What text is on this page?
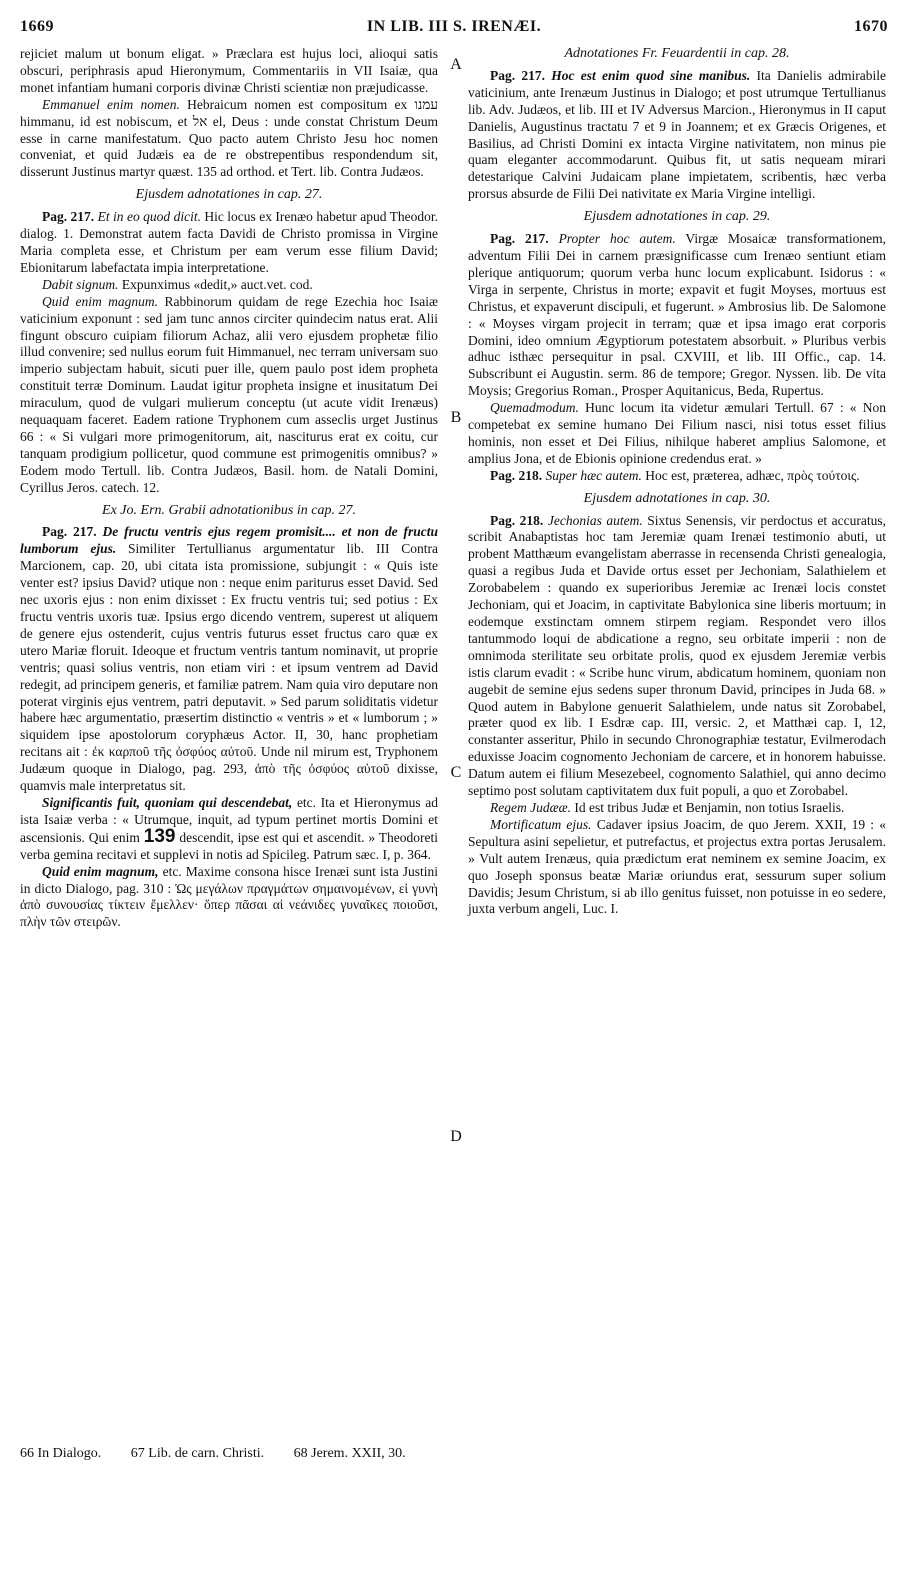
1669	IN LIB. III S. IRENÆI.	1670

rejiciet malum ut bonum eligat. » Præclara est hujus loci, alioqui satis obscuri, periphrasis apud Hieronymum, Commentariis in VII Isaiæ, qua monet infantiam humani corporis divinæ Christi scientiæ non præjudicasse.

Emmanuel enim nomen. Hebraicum nomen est compositum ex עמנו himmanu, id est nobiscum, et אל el, Deus : unde constat Christum Deum esse in carne manifestatum. Quo pacto autem Christo Jesu hoc nomen conveniat, et quid Judæis ea de re obstrepentibus respondendum sit, disserunt Justinus martyr quæst. 135 ad orthod. et Tert. lib. Contra Judæos.

Ejusdem adnotationes in cap. 27.

Pag. 217. Et in eo quod dicit. Hic locus ex Irenæo habetur apud Theodor. dialog. 1. Demonstrat autem facta Davidi de Christo promissa in Virgine Maria completa esse, et Christum per eam verum esse filium David; Ebionitarum labefactata impia interpretatione.

Dabit signum. Expunximus «dedit,» auct.vet. cod.

Quid enim magnum. Rabbinorum quidam de rege Ezechia hoc Isaiæ vaticinium exponunt : sed jam tunc annos circiter quindecim natus erat. Alii fingunt obscuro cuipiam filiorum Achaz, alii vero ejusdem prophetæ filio illud convenire; sed nullus eorum fuit Himmanuel, nec terram universam suo imperio subjectam habuit, sicuti puer ille, quem paulo post idem propheta constituit terræ Dominum. Laudat igitur propheta insigne et inusitatum Dei miraculum, quod de vulgari mulierum conceptu (ut acute vidit Irenæus) nequaquam faceret. Eadem ratione Tryphonem cum asseclis urget Justinus 66 : « Si vulgari more primogenitorum, ait, nasciturus erat ex coitu, cur tanquam prodigium pollicetur, quod commune est primogenitis omnibus? » Eodem modo Tertull. lib. Contra Judæos, Basil. hom. de Natali Domini, Cyrillus Jeros. catech. 12.

Ex Jo. Ern. Grabii adnotationibus in cap. 27.

Pag. 217. De fructu ventris ejus regem promisit.... et non de fructu lumborum ejus. Similiter Tertullianus argumentatur lib. III Contra Marcionem, cap. 20, ubi citata ista promissione, subjungit : « Quis iste venter est? ipsius David? utique non : neque enim pariturus esset David. Sed nec uxoris ejus : non enim dixisset : Ex fructu ventris tui; sed potius : Ex fructu ventris uxoris tuæ. Ipsius ergo dicendo ventrem, superest ut aliquem de genere ejus ostenderit, cujus ventris futurus esset fructus caro quæ ex utero Mariæ floruit. Ideoque et fructum ventris tantum nominavit, ut proprie ventris; quasi solius ventris, non etiam viri : et ipsum ventrem ad David redegit, ad principem generis, et familiæ patrem. Nam quia viro deputare non poterat virginis ejus ventrem, patri deputavit. » Sed parum soliditatis videtur habere hæc argumentatio, præsertim distinctio « ventris » et « lumborum ; » siquidem ipse apostolorum coryphæus Actor. II, 30, hanc prophetiam recitans ait : ἐκ καρποῦ τῆς ὀσφύος αὐτοῦ. Unde nil mirum est, Tryphonem Judæum quoque in Dialogo, pag. 293, ἀπὸ τῆς ὀσφύος αὐτοῦ dixisse, quamvis male interpretatus sit.

Significantis fuit, quoniam qui descendebat, etc. Ita et Hieronymus ad ista Isaiæ verba : « Utrumque, inquit, ad typum pertinet mortis Domini et ascensionis. Qui enim 139 descendit, ipse est qui et ascendit. » Theodoreti verba gemina recitavi et supplevi in notis ad Spicileg. Patrum sæc. I, p. 364.

Quid enim magnum, etc. Maxime consona hisce Irenæi sunt ista Justini in dicto Dialogo, pag. 310 : Ὡς μεγάλων πραγμάτων σημαινομένων, εἰ γυνὴ ἀπὸ συνουσίας τίκτειν ἔμελλεν· ὅπερ πᾶσαι αἱ νεάνιδες γυναῖκες ποιοῦσι, πλὴν τῶν στειρῶν.

A
B
C
D

Adnotationes Fr. Feuardentii in cap. 28.

Pag. 217. Hoc est enim quod sine manibus. Ita Danielis admirabile vaticinium, ante Irenæum Justinus in Dialogo; et post utrumque Tertullianus lib. Adv. Judæos, et lib. III et IV Adversus Marcion., Hieronymus in II caput Danielis, Augustinus tractatu 7 et 9 in Joannem; et ex Græcis Origenes, et Basilius, ad Christi Domini ex intacta Virgine nativitatem, non minus pie quam eleganter accommodarunt. Quibus fit, ut satis nequeam mirari detestarique Calvini Judaicam plane impietatem, scribentis, hæc verba prorsus absurde de Filii Dei nativitate ex Maria Virgine intelligi.

Ejusdem adnotationes in cap. 29.

Pag. 217. Propter hoc autem. Virgæ Mosaicæ transformationem, adventum Filii Dei in carnem præsignificasse cum Irenæo sentiunt etiam plerique antiquorum; quorum verba hunc locum explicabunt. Isidorus : « Virga in serpente, Christus in morte; expavit et fugit Moyses, mortuus est Christus, et expaverunt discipuli, et fugerunt. » Ambrosius lib. De Salomone : « Moyses virgam projecit in terram; quæ et ipsa imago erat corporis Domini, ideo omnium Ægyptiorum potestatem absorbuit. » Pluribus verbis adhuc isthæc persequitur in psal. CXVIII, et lib. III Offic., cap. 14. Subscribunt ei Augustin. serm. 86 de tempore; Gregor. Nyssen. lib. De vita Moysis; Gregorius Roman., Prosper Aquitanicus, Beda, Rupertus.

Quemadmodum. Hunc locum ita videtur æmulari Tertull. 67 : « Non competebat ex semine humano Dei Filium nasci, nisi totus esset filius hominis, non esset et Dei Filius, nihilque haberet amplius Salomone, et amplius Jona, et de Ebionis opinione credendus erat. »

Pag. 218. Super hæc autem. Hoc est, præterea, adhæc, πρὸς τούτοις.

Ejusdem adnotationes in cap. 30.

Pag. 218. Jechonias autem. Sixtus Senensis, vir perdoctus et accuratus, scribit Anabaptistas hoc tam Jeremiæ quam Irenæi testimonio abuti, ut probent Matthæum evangelistam aberrasse in recensenda Christi genealogia, quasi a regibus Juda et Davide ortus esset per Jechoniam, Salathielem et Zorobabelem : quando ex superioribus Jeremiæ ac Irenæi locis constet Jechoniam, qui et Joacim, in captivitate Babylonica sine liberis mortuum; in eodemque exstinctam omnem stirpem regiam. Respondet vero illos tantummodo loqui de abdicatione a regno, seu orbitate imperii : non de omnimoda sterilitate seu orbitate prolis, quod ex ejusdem Jeremiæ verbis istis clarum evadit : « Scribe hunc virum, abdicatum hominem, quoniam non augebit de semine ejus sedens super thronum David, principes in Juda 68. » Quod autem in Babylone genuerit Salathielem, unde natus sit Zorobabel, præter quod ex lib. I Esdræ cap. III, versic. 2, et Matthæi cap. I, 12, constanter asseritur, Philo in secundo Chronographiæ testatur, Evilmerodach eduxisse Joacim cognomento Jechoniam de carcere, et in honorem habuisse. Datum autem ei filium Mesezebeel, cognomento Salathiel, qui anno decimo septimo post solutam captivitatem dux fuit populi, a quo et Zorobabel.

Regem Judææ. Id est tribus Judæ et Benjamin, non totius Israelis.

Mortificatum ejus. Cadaver ipsius Joacim, de quo Jerem. XXII, 19 : « Sepultura asini sepelietur, et putrefactus, et projectus extra portas Jerusalem. » Vult autem Irenæus, quia prædictum erat neminem ex semine Joacim, ex quo Joseph sponsus beatæ Mariæ oriundus erat, sessurum super solium Davidis; Jesum Christum, si ab illo genitus fuisset, non potuisse in eo sedere, juxta verbum angeli, Luc. I.

66 In Dialogo. 67 Lib. de carn. Christi. 68 Jerem. XXII, 30.
